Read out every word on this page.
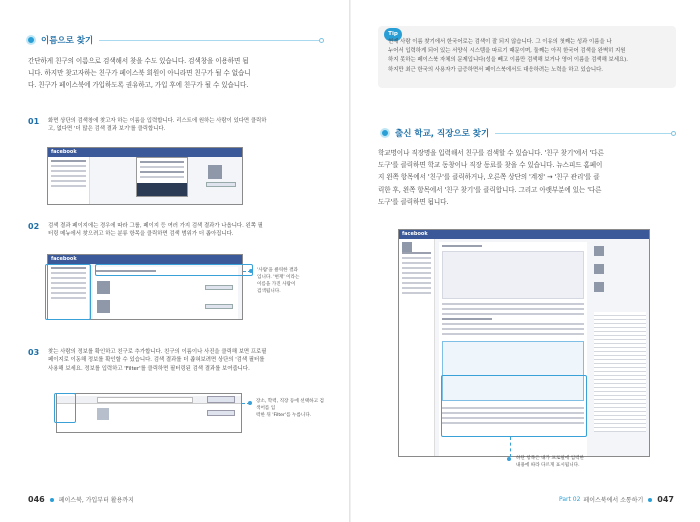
이름으로 찾기
간단하게 친구의 이름으로 검색해서 찾을 수도 있습니다. 검색창을 이용하면 됩
니다. 하지만 찾고자하는 친구가 페이스북 회원이 아니라면 친구가 될 수 없습니
다. 친구가 페이스북에 가입하도록 권유하고, 가입 후에 친구가 될 수 있습니다.
01	화면 상단의 검색창에 찾고자 하는 이름을 입력합니다. 리스트에 원하는 사람이 있다면 클릭하
고, 없다면 '더 많은 검색 결과 보기'를 클릭합니다.
facebook
02	검색 결과 페이지에는 경우에 따라 그룹, 페이지 등 여러 가지 검색 결과가 나옵니다. 왼쪽 필
터링 메뉴에서 찾으려고 하는 분류 항목을 클릭하면 검색 범위가 더 좁아집니다.
facebook
'사람'을 클릭한 결과
입니다. '현재' 이라는
이름을 가진 사람이
검색됩니다.
03	찾는 사람의 정보를 확인하고 친구로 추가합니다. 친구의 이름이나 사진을 클릭해 보면 프로필
페이지로 이동해 정보를 확인할 수 있습니다. 검색 결과를 더 좁혀보려면 상단의 '검색 필터를
사용해 보세요. 정보를 입력하고 'Filter'를 클릭하면 필터링된 검색 결과를 보여줍니다.
장소, 학력, 직장 등에 선택하고 검색어를 입
력한 뒤 'Filter'를 누릅니다.
046 페이스북, 가입부터 활용까지
Tip
현재 사람 이름 찾기에서 한국어로는 검색이 잘 되지 않습니다. 그 이유의 첫째는 성과 이름을 나
누어서 입력하게 되어 있는 서양식 시스템을 따르기 때문이며, 둘째는 아직 한국어 검색을 완벽히 지원
하지 못하는 페이스북 자체의 문제입니다(성을 빼고 이름만 검색해 보거나 영어 이름을 검색해 보세요).
하지만 최근 한국의 사용자가 급증하면서 페이스북에서도 대응하려는 노력을 하고 있습니다.
출신 학교, 직장으로 찾기
학교명이나 직장명을 입력해서 친구를 검색할 수 있습니다. '친구 찾기'에서 '다른
도구'를 클릭하면 학교 동창이나 직장 동료를 찾을 수 있습니다. 뉴스피드 홈페이
지 왼쪽 항목에서 '친구'를 클릭하거나, 오른쪽 상단의 '계정' → '친구 관리'를 클
릭한 후, 왼쪽 항목에서 '친구 찾기'를 클릭합니다. 그리고 아랫부분에 있는 '다른
도구'를 클릭하면 됩니다.
facebook
하단 항목은 내가 프로필에 입력한
내용에 따라 다르게 표시됩니다.
Part 02 페이스북에서 소통하기 047
